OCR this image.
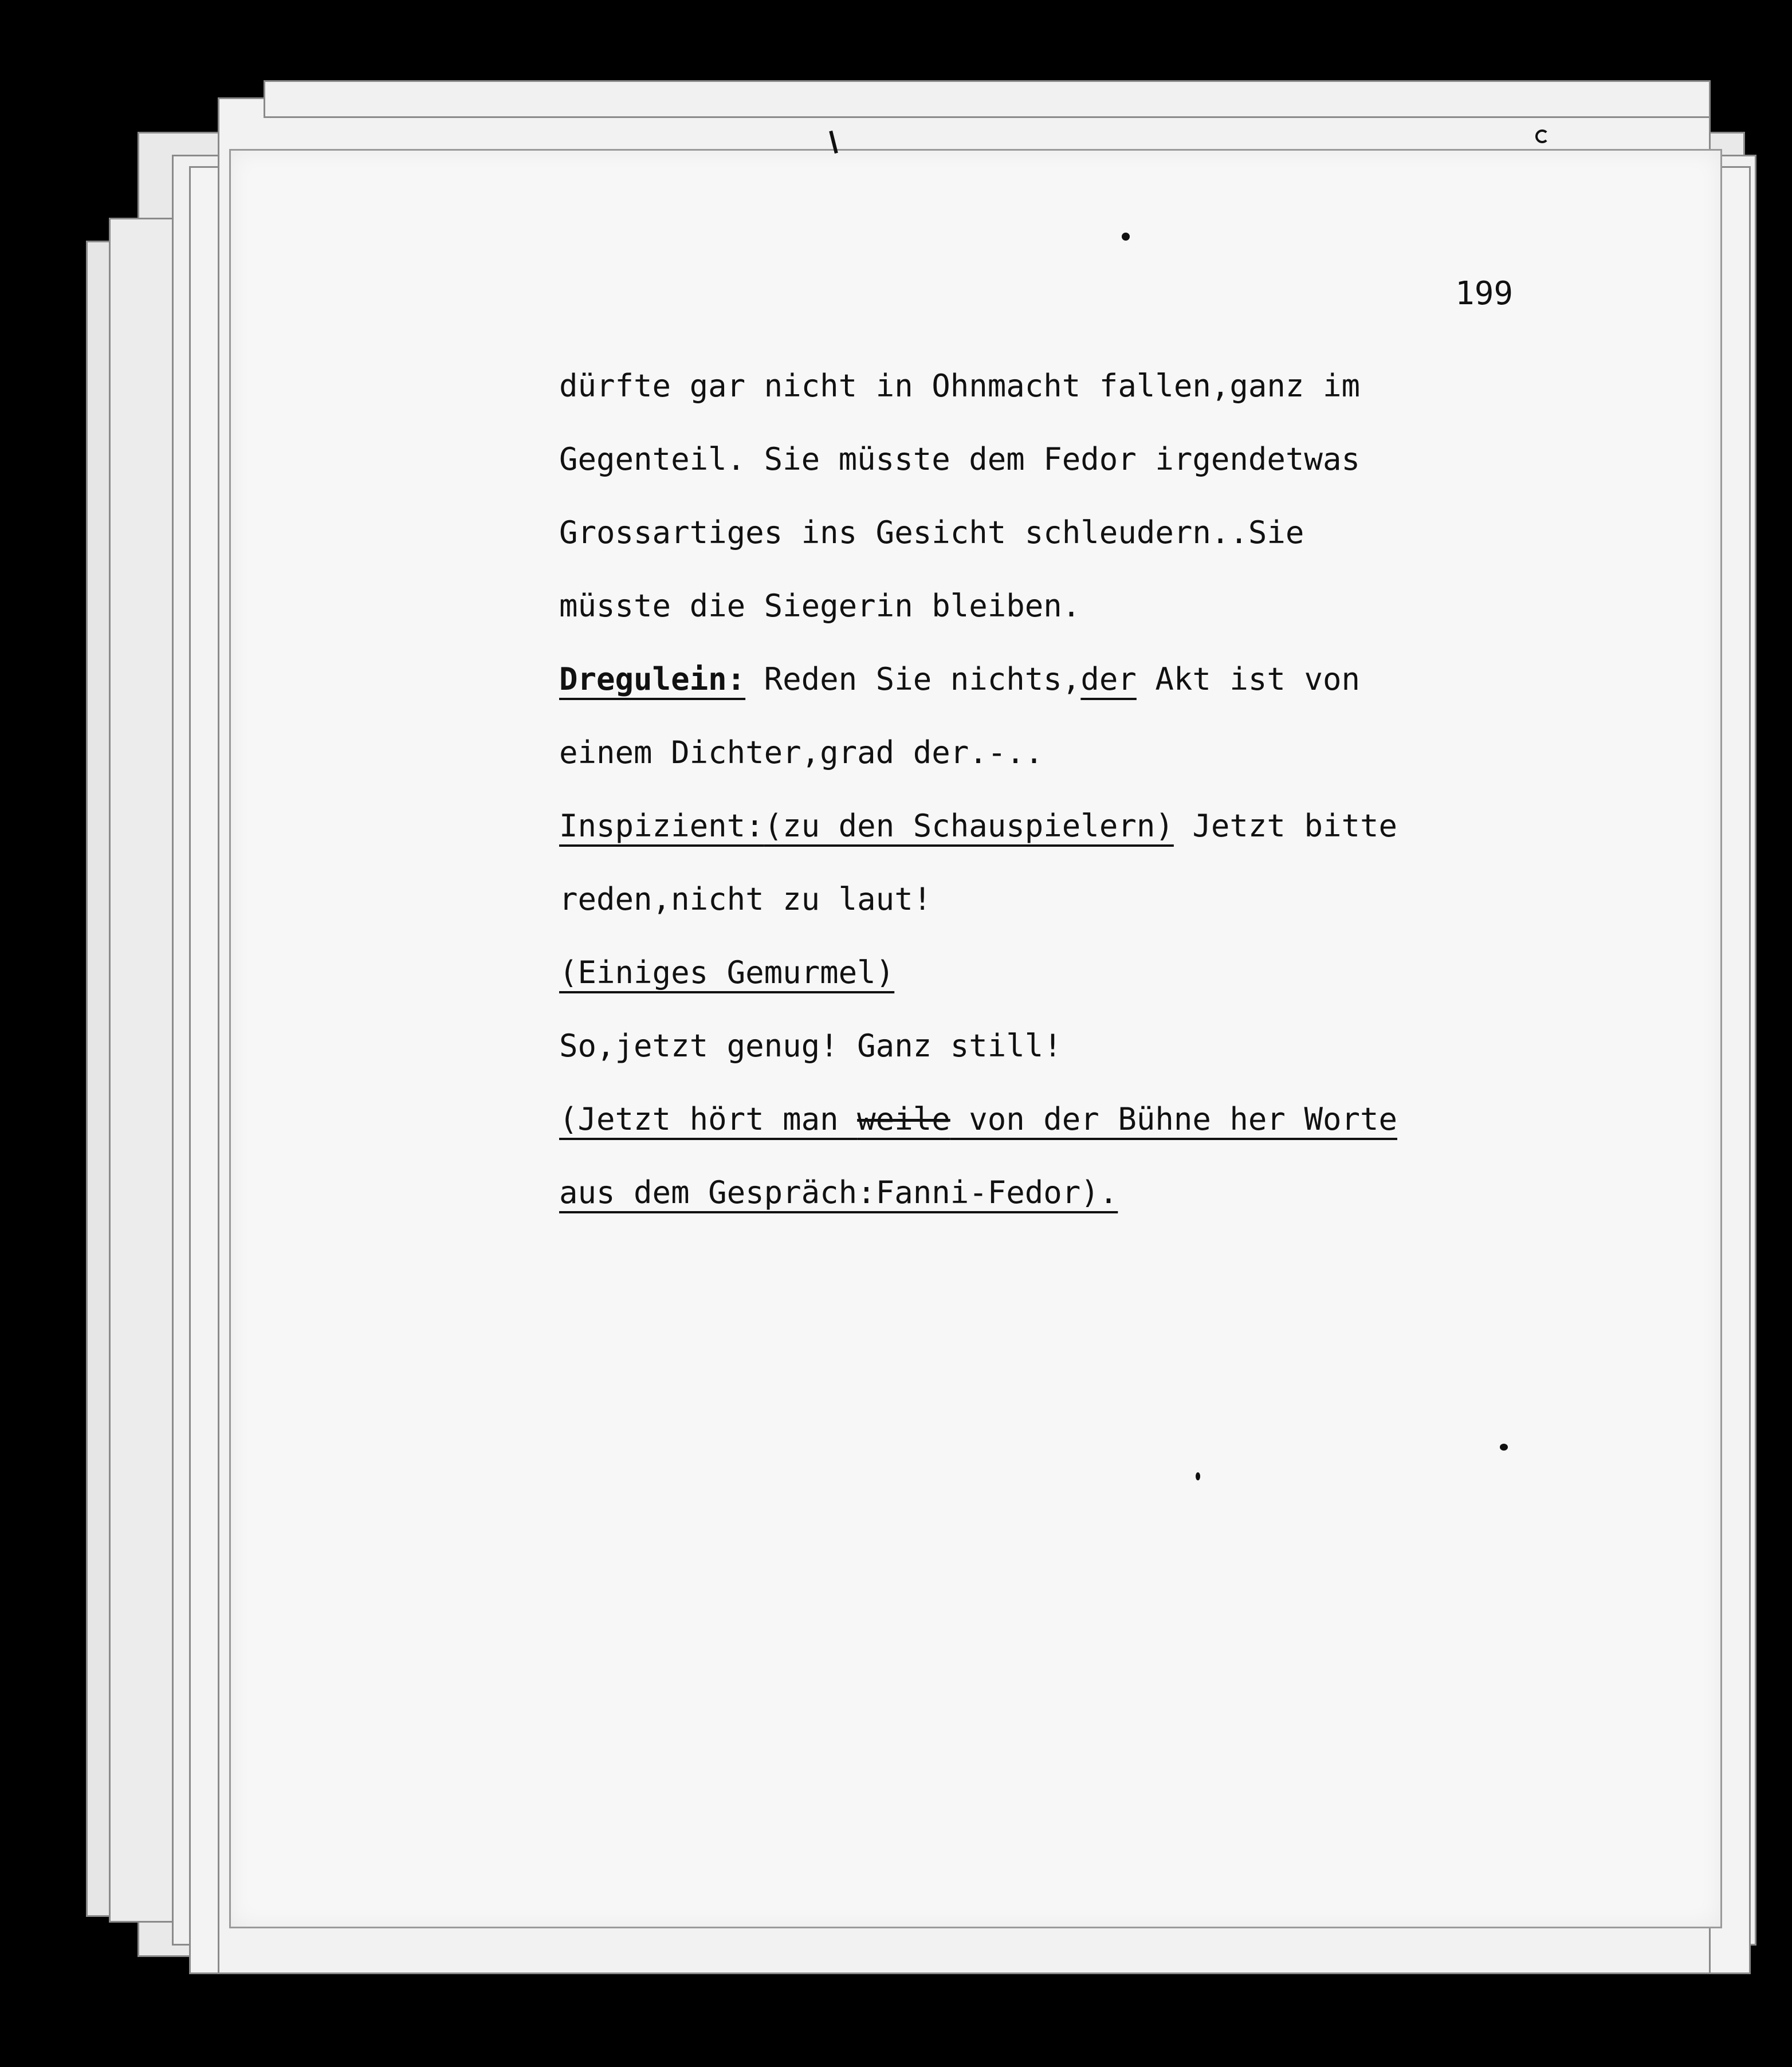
199
dürfte gar nicht in Ohnmacht fallen,ganz im
Gegenteil. Sie müsste dem Fedor irgendetwas
Grossartiges ins Gesicht schleudern..Sie
müsste die Siegerin bleiben.
Dregulein: Reden Sie nichts,der Akt ist von
einem Dichter,grad der.-..
Inspizient:(zu den Schauspielern) Jetzt bitte
reden,nicht zu laut!
(Einiges Gemurmel)
So,jetzt genug! Ganz still!
(Jetzt hört man weile von der Bühne her Worte
aus dem Gespräch:Fanni-Fedor).
